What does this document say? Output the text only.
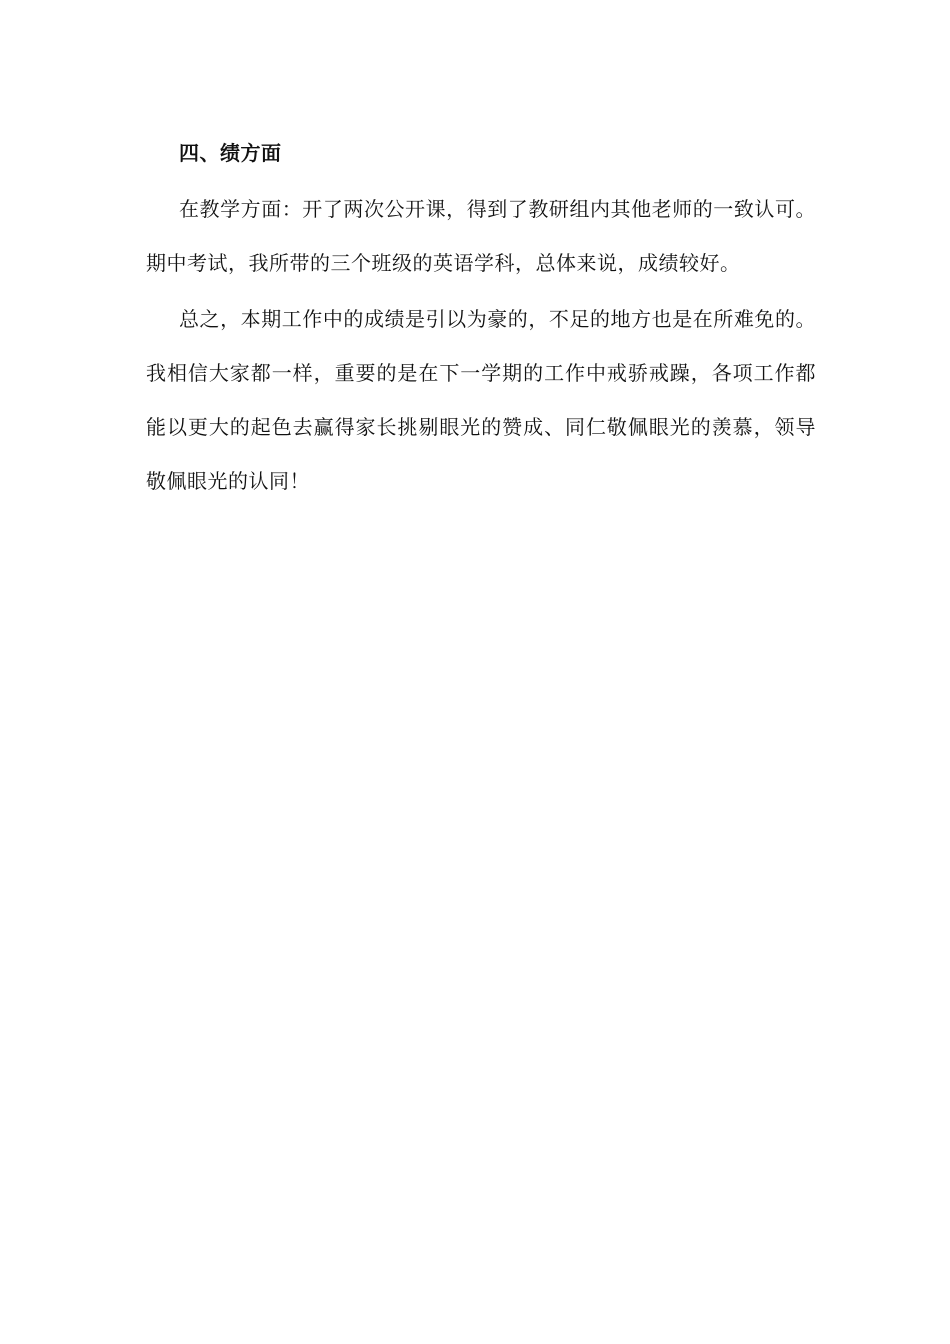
四、绩方面

在教学方面：开了两次公开课，得到了教研组内其他老师的一致认可。期中考试，我所带的三个班级的英语学科，总体来说，成绩较好。

总之，本期工作中的成绩是引以为豪的，不足的地方也是在所难免的。我相信大家都一样，重要的是在下一学期的工作中戒骄戒躁，各项工作都能以更大的起色去赢得家长挑剔眼光的赞成、同仁敬佩眼光的羡慕，领导敬佩眼光的认同！
